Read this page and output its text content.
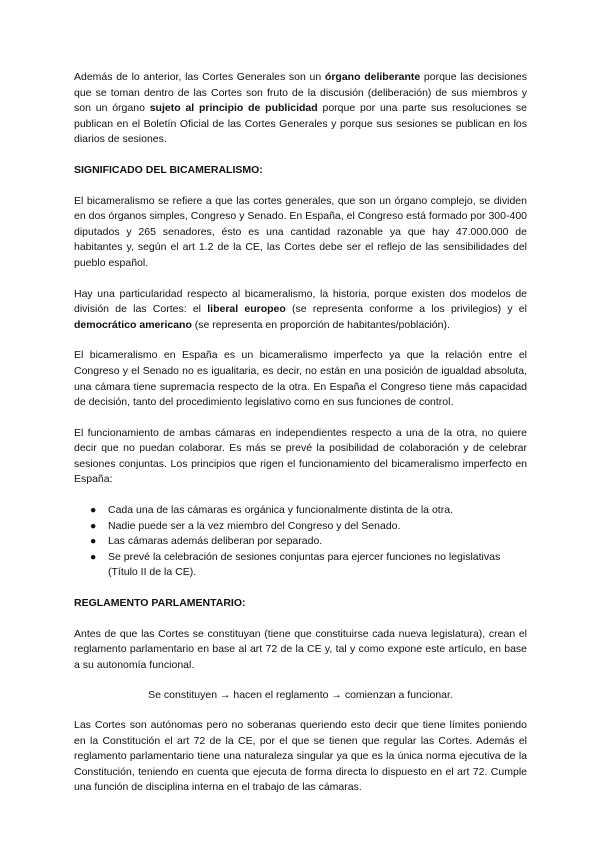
Además de lo anterior, las Cortes Generales son un órgano deliberante porque las decisiones que se toman dentro de las Cortes son fruto de la discusión (deliberación) de sus miembros y son un órgano sujeto al principio de publicidad porque por una parte sus resoluciones se publican en el Boletín Oficial de las Cortes Generales y porque sus sesiones se publican en los diarios de sesiones.

SIGNIFICADO DEL BICAMERALISMO:

El bicameralismo se refiere a que las cortes generales, que son un órgano complejo, se dividen en dos órganos simples, Congreso y Senado. En España, el Congreso está formado por 300-400 diputados y 265 senadores, ésto es una cantidad razonable ya que hay 47.000.000 de habitantes y, según el art 1.2 de la CE, las Cortes debe ser el reflejo de las sensibilidades del pueblo español.

Hay una particularidad respecto al bicameralismo, la historia, porque existen dos modelos de división de las Cortes: el liberal europeo (se representa conforme a los privilegios) y el democrático americano (se representa en proporción de habitantes/población).

El bicameralismo en España es un bicameralismo imperfecto ya que la relación entre el Congreso y el Senado no es igualitaria, es decir, no están en una posición de igualdad absoluta, una cámara tiene supremacía respecto de la otra. En España el Congreso tiene más capacidad de decisión, tanto del procedimiento legislativo como en sus funciones de control.

El funcionamiento de ambas cámaras en independientes respecto a una de la otra, no quiere decir que no puedan colaborar. Es más se prevé la posibilidad de colaboración y de celebrar sesiones conjuntas. Los principios que rigen el funcionamiento del bicameralismo imperfecto en España:

● Cada una de las cámaras es orgánica y funcionalmente distinta de la otra.
● Nadie puede ser a la vez miembro del Congreso y del Senado.
● Las cámaras además deliberan por separado.
● Se prevé la celebración de sesiones conjuntas para ejercer funciones no legislativas (Título II de la CE).

REGLAMENTO PARLAMENTARIO:

Antes de que las Cortes se constituyan (tiene que constituirse cada nueva legislatura), crean el reglamento parlamentario en base al art 72 de la CE y, tal y como expone este artículo, en base a su autonomía funcional.

Se constituyen → hacen el reglamento → comienzan a funcionar.

Las Cortes son autónomas pero no soberanas queriendo esto decir que tiene límites poniendo en la Constitución el art 72 de la CE, por el que se tienen que regular las Cortes. Además el reglamento parlamentario tiene una naturaleza singular ya que es la única norma ejecutiva de la Constitución, teniendo en cuenta que ejecuta de forma directa lo dispuesto en el art 72. Cumple una función de disciplina interna en el trabajo de las cámaras.
